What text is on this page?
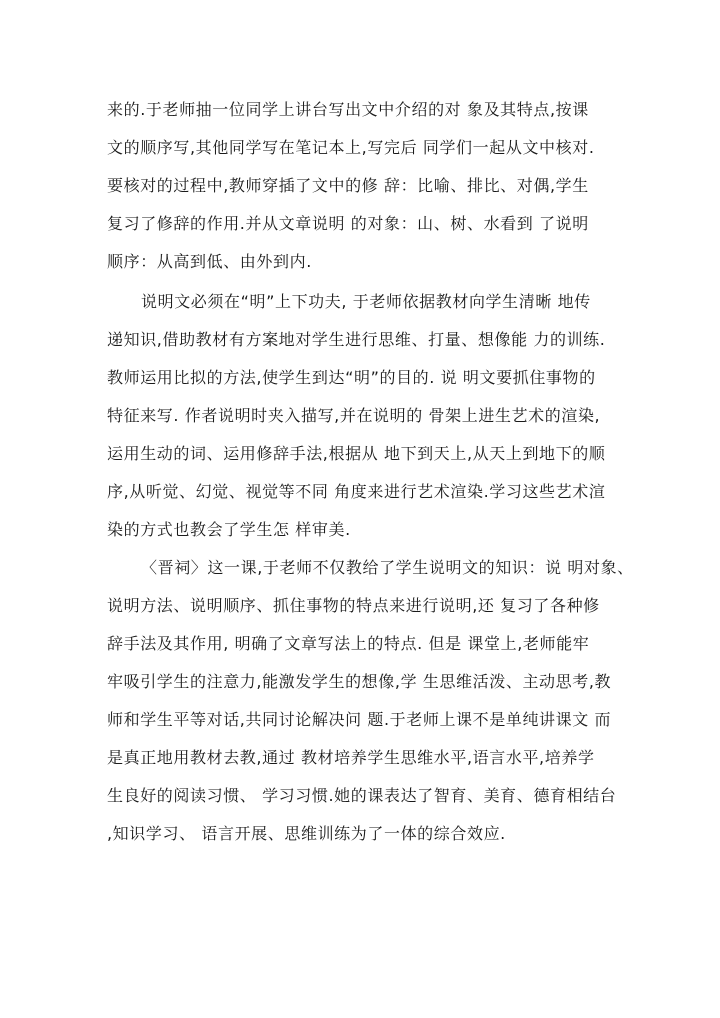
来的.于老师抽一位同学上讲台写出文中介绍的对 象及其特点,按课
文的顺序写,其他同学写在笔记本上,写完后 同学们一起从文中核对.
要核对的过程中,教师穿插了文中的修 辞：比喻、排比、对偶,学生
复习了修辞的作用.并从文章说明 的对象：山、树、水看到 了说明
顺序：从高到低、由外到内.
说明文必须在“明”上下功夫, 于老师依据教材向学生清晰 地传
递知识,借助教材有方案地对学生进行思维、打量、想像能 力的训练.
教师运用比拟的方法,使学生到达“明”的目的. 说 明文要抓住事物的
特征来写. 作者说明时夹入描写,并在说明的 骨架上进生艺术的渲染,
运用生动的词、运用修辞手法,根据从 地下到天上,从天上到地下的顺
序,从听觉、幻觉、视觉等不同 角度来进行艺术渲染.学习这些艺术渲
染的方式也教会了学生怎 样审美.
〈晋祠〉这一课,于老师不仅教给了学生说明文的知识：说 明对象、
说明方法、说明顺序、抓住事物的特点来进行说明,还 复习了各种修
辞手法及其作用, 明确了文章写法上的特点. 但是 课堂上,老师能牢
牢吸引学生的注意力,能激发学生的想像,学 生思维活泼、主动思考,教
师和学生平等对话,共同讨论解决问 题.于老师上课不是单纯讲课文 而
是真正地用教材去教,通过 教材培养学生思维水平,语言水平,培养学
生良好的阅读习惯、 学习习惯.她的课表达了智育、美育、德育相结台
,知识学习、 语言开展、思维训练为了一体的综合效应.
